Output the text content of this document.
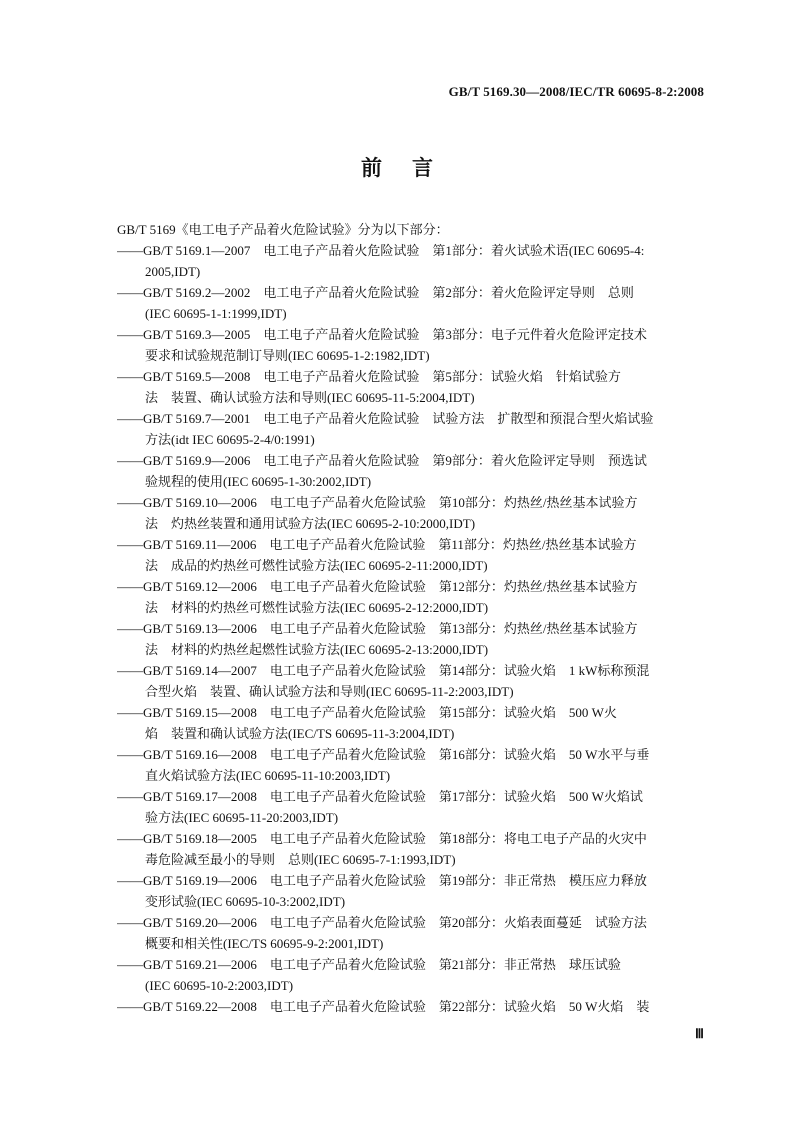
GB/T 5169.30—2008/IEC/TR 60695-8-2:2008
前言
GB/T 5169《电工电子产品着火危险试验》分为以下部分：
——GB/T 5169.1—2007　电工电子产品着火危险试验　第1部分：着火试验术语(IEC 60695-4:
2005,IDT)
——GB/T 5169.2—2002　电工电子产品着火危险试验　第2部分：着火危险评定导则　总则
(IEC 60695-1-1:1999,IDT)
——GB/T 5169.3—2005　电工电子产品着火危险试验　第3部分：电子元件着火危险评定技术
要求和试验规范制订导则(IEC 60695-1-2:1982,IDT)
——GB/T 5169.5—2008　电工电子产品着火危险试验　第5部分：试验火焰　针焰试验方
法　装置、确认试验方法和导则(IEC 60695-11-5:2004,IDT)
——GB/T 5169.7—2001　电工电子产品着火危险试验　试验方法　扩散型和预混合型火焰试验
方法(idt IEC 60695-2-4/0:1991)
——GB/T 5169.9—2006　电工电子产品着火危险试验　第9部分：着火危险评定导则　预选试
验规程的使用(IEC 60695-1-30:2002,IDT)
——GB/T 5169.10—2006　电工电子产品着火危险试验　第10部分：灼热丝/热丝基本试验方
法　灼热丝装置和通用试验方法(IEC 60695-2-10:2000,IDT)
——GB/T 5169.11—2006　电工电子产品着火危险试验　第11部分：灼热丝/热丝基本试验方
法　成品的灼热丝可燃性试验方法(IEC 60695-2-11:2000,IDT)
——GB/T 5169.12—2006　电工电子产品着火危险试验　第12部分：灼热丝/热丝基本试验方
法　材料的灼热丝可燃性试验方法(IEC 60695-2-12:2000,IDT)
——GB/T 5169.13—2006　电工电子产品着火危险试验　第13部分：灼热丝/热丝基本试验方
法　材料的灼热丝起燃性试验方法(IEC 60695-2-13:2000,IDT)
——GB/T 5169.14—2007　电工电子产品着火危险试验　第14部分：试验火焰　1 kW标称预混
合型火焰　装置、确认试验方法和导则(IEC 60695-11-2:2003,IDT)
——GB/T 5169.15—2008　电工电子产品着火危险试验　第15部分：试验火焰　500 W火
焰　装置和确认试验方法(IEC/TS 60695-11-3:2004,IDT)
——GB/T 5169.16—2008　电工电子产品着火危险试验　第16部分：试验火焰　50 W水平与垂
直火焰试验方法(IEC 60695-11-10:2003,IDT)
——GB/T 5169.17—2008　电工电子产品着火危险试验　第17部分：试验火焰　500 W火焰试
验方法(IEC 60695-11-20:2003,IDT)
——GB/T 5169.18—2005　电工电子产品着火危险试验　第18部分：将电工电子产品的火灾中
毒危险减至最小的导则　总则(IEC 60695-7-1:1993,IDT)
——GB/T 5169.19—2006　电工电子产品着火危险试验　第19部分：非正常热　模压应力释放
变形试验(IEC 60695-10-3:2002,IDT)
——GB/T 5169.20—2006　电工电子产品着火危险试验　第20部分：火焰表面蔓延　试验方法
概要和相关性(IEC/TS 60695-9-2:2001,IDT)
——GB/T 5169.21—2006　电工电子产品着火危险试验　第21部分：非正常热　球压试验
(IEC 60695-10-2:2003,IDT)
——GB/T 5169.22—2008　电工电子产品着火危险试验　第22部分：试验火焰　50 W火焰　装
Ⅲ
